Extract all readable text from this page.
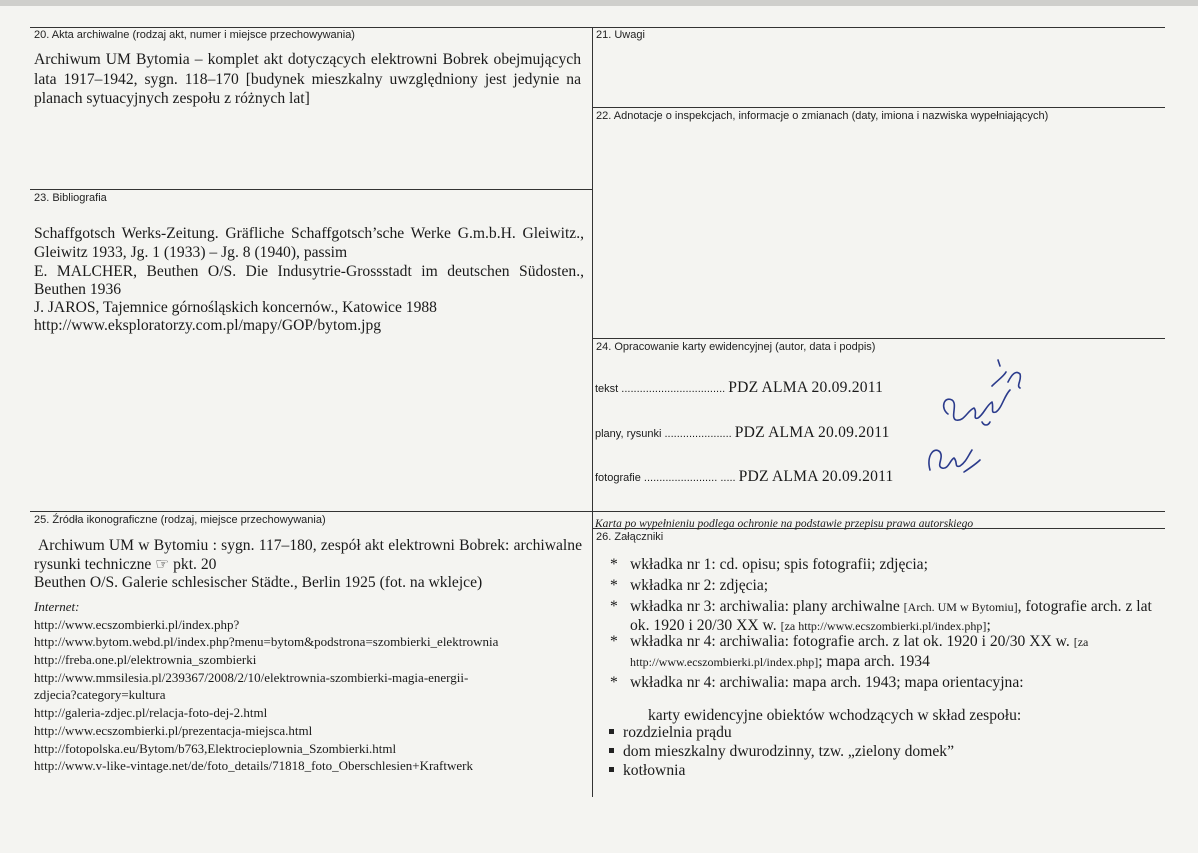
20. Akta archiwalne (rodzaj akt, numer i miejsce przechowywania)
Archiwum UM Bytomia – komplet akt dotyczących elektrowni Bobrek obejmujących
lata 1917–1942, sygn. 118–170 [budynek mieszkalny uwzględniony jest jedynie na
planach sytuacyjnych zespołu z różnych lat]
21. Uwagi
22. Adnotacje o inspekcjach, informacje o zmianach (daty, imiona i nazwiska wypełniających)
23. Bibliografia
Schaffgotsch Werks-Zeitung. Gräfliche Schaffgotsch’sche Werke G.m.b.H. Gleiwitz.,
Gleiwitz 1933, Jg. 1 (1933) – Jg. 8 (1940), passim
E. MALCHER, Beuthen O/S. Die Indusytrie-Grossstadt im deutschen Südosten.,
Beuthen 1936
J. JAROS, Tajemnice górnośląskich koncernów., Katowice 1988
http://www.eksploratorzy.com.pl/mapy/GOP/bytom.jpg
24. Opracowanie karty ewidencyjnej (autor, data i podpis)
tekst .................................. PDZ ALMA 20.09.2011
plany, rysunki ...................... PDZ ALMA 20.09.2011
fotografie ........................ ..... PDZ ALMA 20.09.2011
25. Źródła ikonograficzne (rodzaj, miejsce przechowywania)
Archiwum UM w Bytomiu : sygn. 117–180, zespół akt elektrowni Bobrek: archiwalne
rysunki techniczne ☞ pkt. 20
Beuthen O/S. Galerie schlesischer Städte., Berlin 1925 (fot. na wklejce)
Internet:
http://www.ecszombierki.pl/index.php?
http://www.bytom.webd.pl/index.php?menu=bytom&podstrona=szombierki_elektrownia
http://freba.one.pl/elektrownia_szombierki
http://www.mmsilesia.pl/239367/2008/2/10/elektrownia-szombierki-magia-energii-
zdjecia?category=kultura
http://galeria-zdjec.pl/relacja-foto-dej-2.html
http://www.ecszombierki.pl/prezentacja-miejsca.html
http://fotopolska.eu/Bytom/b763,Elektrocieplownia_Szombierki.html
http://www.v-like-vintage.net/de/foto_details/71818_foto_Oberschlesien+Kraftwerk
Karta po wypełnieniu podlega ochronie na podstawie przepisu prawa autorskiego
26. Załączniki
* wkładka nr 1: cd. opisu; spis fotografii; zdjęcia;
* wkładka nr 2: zdjęcia;
* wkładka nr 3: archiwalia: plany archiwalne [Arch. UM w Bytomiu], fotografie arch. z lat
ok. 1920 i 20/30 XX w. [za http://www.ecszombierki.pl/index.php];
* wkładka nr 4: archiwalia: fotografie arch. z lat ok. 1920 i 20/30 XX w. [za
http://www.ecszombierki.pl/index.php]; mapa arch. 1934
* wkładka nr 4: archiwalia: mapa arch. 1943; mapa orientacyjna:
karty ewidencyjne obiektów wchodzących w skład zespołu:
rozdzielnia prądu
dom mieszkalny dwurodzinny, tzw. „zielony domek”
kotłownia
